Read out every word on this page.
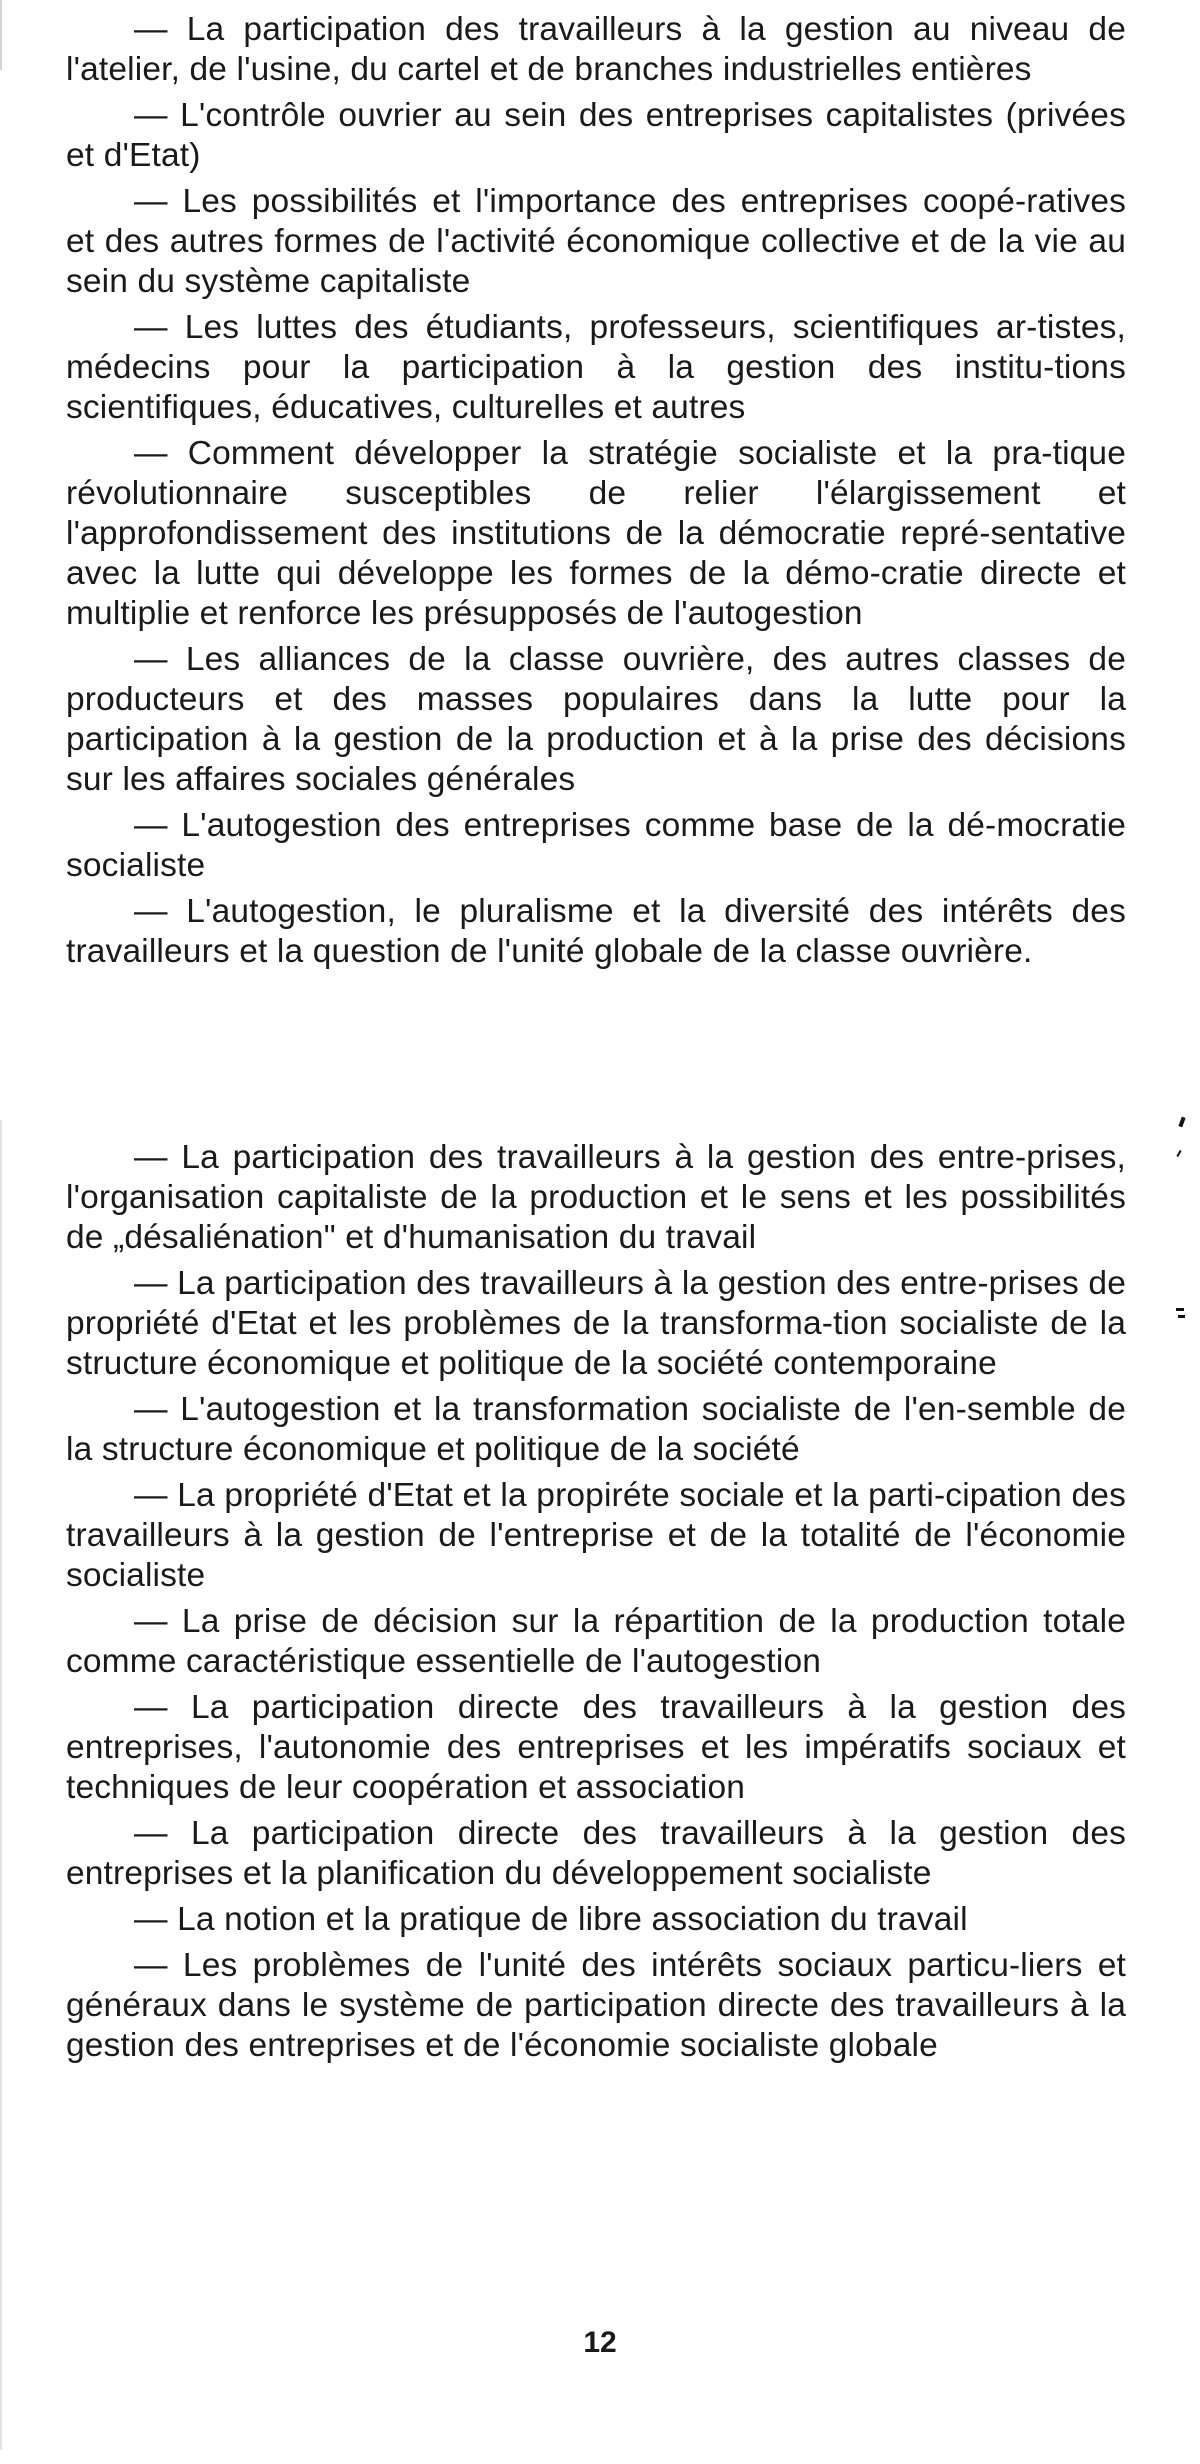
— La participation des travailleurs à la gestion au niveau de l'atelier, de l'usine, du cartel et de branches industrielles entières

— L'contrôle ouvrier au sein des entreprises capitalistes (privées et d'Etat)

— Les possibilités et l'importance des entreprises coopé-ratives et des autres formes de l'activité économique collective et de la vie au sein du système capitaliste

— Les luttes des étudiants, professeurs, scientifiques ar-tistes, médecins pour la participation à la gestion des institu-tions scientifiques, éducatives, culturelles et autres

— Comment développer la stratégie socialiste et la pra-tique révolutionnaire susceptibles de relier l'élargissement et l'approfondissement des institutions de la démocratie repré-sentative avec la lutte qui développe les formes de la démo-cratie directe et multiplie et renforce les présupposés de l'autogestion

— Les alliances de la classe ouvrière, des autres classes de producteurs et des masses populaires dans la lutte pour la participation à la gestion de la production et à la prise des décisions sur les affaires sociales générales

— L'autogestion des entreprises comme base de la dé-mocratie socialiste

— L'autogestion, le pluralisme et la diversité des intérêts des travailleurs et la question de l'unité globale de la classe ouvrière.

— La participation des travailleurs à la gestion des entre-prises, l'organisation capitaliste de la production et le sens et les possibilités de „désaliénation" et d'humanisation du travail

— La participation des travailleurs à la gestion des entre-prises de propriété d'Etat et les problèmes de la transforma-tion socialiste de la structure économique et politique de la société contemporaine

— L'autogestion et la transformation socialiste de l'en-semble de la structure économique et politique de la société

— La propriété d'Etat et la propiréte sociale et la parti-cipation des travailleurs à la gestion de l'entreprise et de la totalité de l'économie socialiste

— La prise de décision sur la répartition de la production totale comme caractéristique essentielle de l'autogestion

— La participation directe des travailleurs à la gestion des entreprises, l'autonomie des entreprises et les impératifs sociaux et techniques de leur coopération et association

— La participation directe des travailleurs à la gestion des entreprises et la planification du développement socialiste

— La notion et la pratique de libre association du travail

— Les problèmes de l'unité des intérêts sociaux particu-liers et généraux dans le système de participation directe des travailleurs à la gestion des entreprises et de l'économie socialiste globale

12
